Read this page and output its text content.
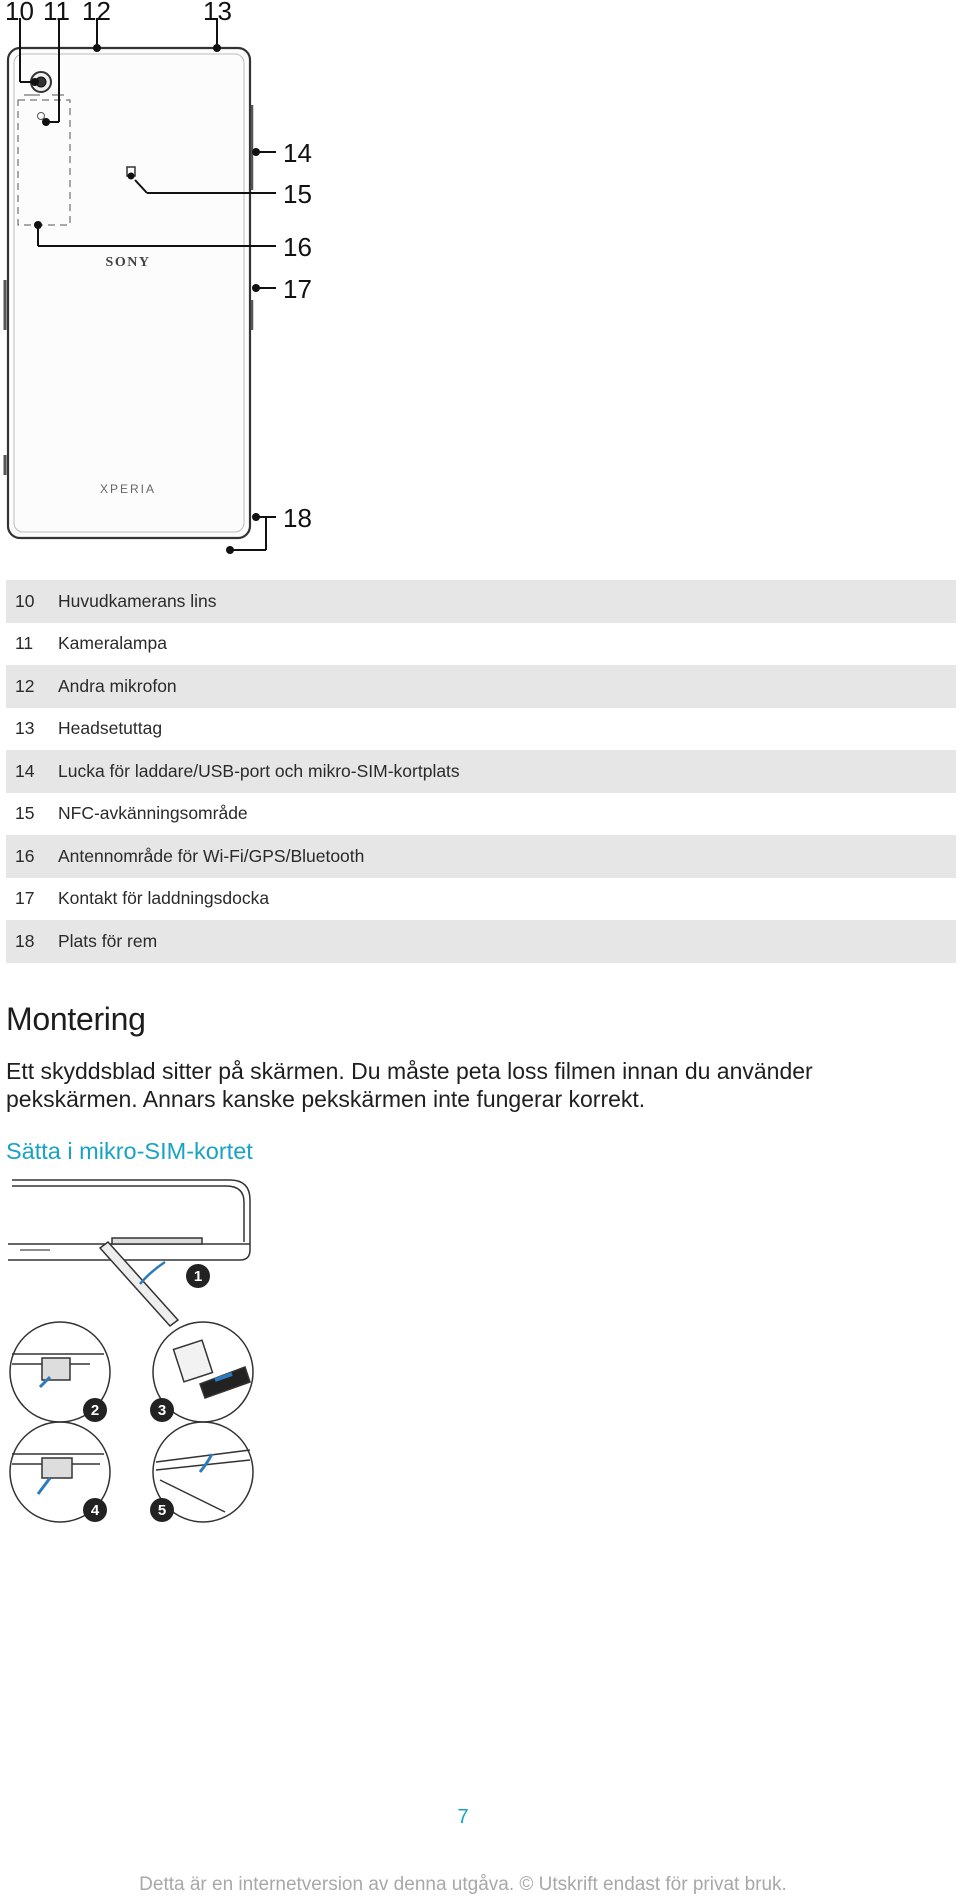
10 11 12	13
14
15
16
17
18
SONY
XPERIA
10	Huvudkamerans lins
11	Kameralampa
12	Andra mikrofon
13	Headsetuttag
14	Lucka för laddare/USB-port och mikro-SIM-kortplats
15	NFC-avkänningsområde
16	Antennområde för Wi-Fi/GPS/Bluetooth
17	Kontakt för laddningsdocka
18	Plats för rem
Montering

Ett skyddsblad sitter på skärmen. Du måste peta loss filmen innan du använder pekskärmen. Annars kanske pekskärmen inte fungerar korrekt.

Sätta i mikro-SIM-kortet
1
2	3
4	5
7
Detta är en internetversion av denna utgåva. © Utskrift endast för privat bruk.
